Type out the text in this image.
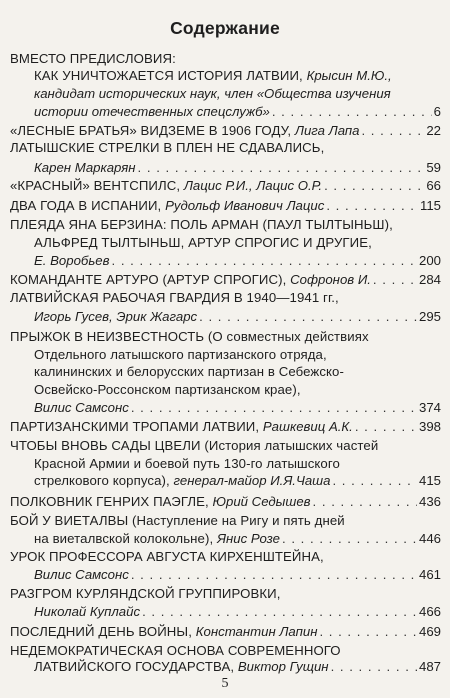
Содержание
ВМЕСТО ПРЕДИСЛОВИЯ:
КАК УНИЧТОЖАЕТСЯ ИСТОРИЯ ЛАТВИИ, Крысин М.Ю.,
кандидат исторических наук, член «Общества изучения
истории отечественных спецслужб» . . .	6
«ЛЕСНЫЕ БРАТЬЯ» ВИДЗЕМЕ В 1906 ГОДУ, Лига Лапа . . .	22
ЛАТЫШСКИЕ СТРЕЛКИ В ПЛЕН НЕ СДАВАЛИСЬ,
Карен Маркарян . . .	59
«КРАСНЫЙ» ВЕНТСПИЛС, Лацис Р.И., Лацис О.Р. . . .	66
ДВА ГОДА В ИСПАНИИ, Рудольф Иванович Лацис . . .	115
ПЛЕЯДА ЯНА БЕРЗИНА: ПОЛЬ АРМАН (ПАУЛ ТЫЛТЫНЬШ),
АЛЬФРЕД ТЫЛТЫНЬШ, АРТУР СПРОГИС И ДРУГИЕ,
Е. Воробьев . . .	200
КОМАНДАНТЕ АРТУРО (АРТУР СПРОГИС), Софронов И. . . .	284
ЛАТВИЙСКАЯ РАБОЧАЯ ГВАРДИЯ В 1940—1941 гг.,
Игорь Гусев, Эрик Жагарс . . .	295
ПРЫЖОК В НЕИЗВЕСТНОСТЬ (О совместных действиях
Отдельного латышского партизанского отряда,
калининских и белорусских партизан в Себежско-
Освейско-Россонском партизанском крае),
Вилис Самсонс . . .	374
ПАРТИЗАНСКИМИ ТРОПАМИ ЛАТВИИ, Рашкевиц А.К. . . .	398
ЧТОБЫ ВНОВЬ САДЫ ЦВЕЛИ (История латышских частей
Красной Армии и боевой путь 130-го латышского
стрелкового корпуса), генерал-майор И.Я.Чаша . . .	415
ПОЛКОВНИК ГЕНРИХ ПАЭГЛЕ, Юрий Седышев . . .	436
БОЙ У ВИЕТАЛВЫ (Наступление на Ригу и пять дней
на виеталвской колокольне), Янис Розе . . .	446
УРОК ПРОФЕССОРА АВГУСТА КИРХЕНШТЕЙНА,
Вилис Самсонс . . .	461
РАЗГРОМ КУРЛЯНДСКОЙ ГРУППИРОВКИ,
Николай Куплайс . . .	466
ПОСЛЕДНИЙ ДЕНЬ ВОЙНЫ, Константин Лапин . . .	469
НЕДЕМОКРАТИЧЕСКАЯ ОСНОВА СОВРЕМЕННОГО
ЛАТВИЙСКОГО ГОСУДАРСТВА, Виктор Гущин . . .	487
5
